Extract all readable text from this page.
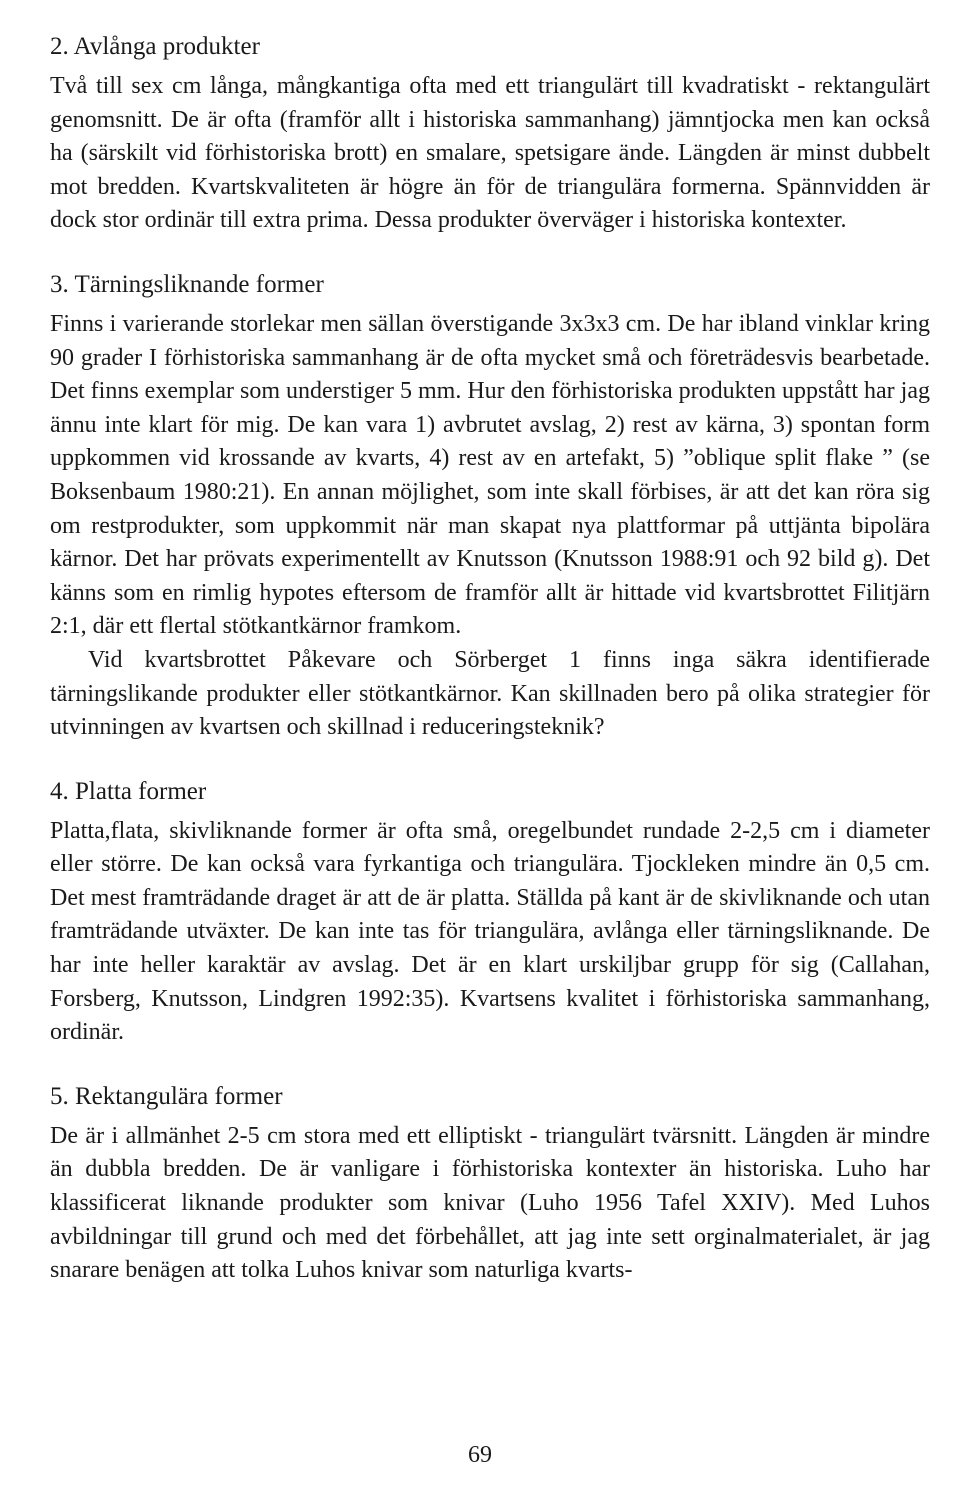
2. Avlånga produkter

Två till sex cm långa, mångkantiga ofta med ett triangulärt till kvadratiskt - rektangulärt genomsnitt. De är ofta (framför allt i historiska sammanhang) jämntjocka men kan också ha (särskilt vid förhistoriska brott) en smalare, spetsigare ände. Längden är minst dubbelt mot bredden. Kvartskvaliteten är högre än för de triangulära formerna. Spännvidden är dock stor ordinär till extra prima. Dessa produkter överväger i historiska kontexter.

3. Tärningsliknande former

Finns i varierande storlekar men sällan överstigande 3x3x3 cm. De har ibland vinklar kring 90 grader I förhistoriska sammanhang är de ofta mycket små och företrädesvis bearbetade. Det finns exemplar som understiger 5 mm. Hur den förhistoriska produkten uppstått har jag ännu inte klart för mig. De kan vara 1) avbrutet avslag, 2) rest av kärna, 3) spontan form uppkommen vid krossande av kvarts, 4) rest av en artefakt, 5) ”oblique split flake ” (se Boksenbaum 1980:21). En annan möjlighet, som inte skall förbises, är att det kan röra sig om restprodukter, som uppkommit när man skapat nya plattformar på uttjänta bipolära kärnor. Det har prövats experimentellt av Knutsson (Knutsson 1988:91 och 92 bild g). Det känns som en rimlig hypotes eftersom de framför allt är hittade vid kvartsbrottet Filitjärn 2:1, där ett flertal stötkantkärnor framkom.

Vid kvartsbrottet Påkevare och Sörberget 1 finns inga säkra identifierade tärningslikande produkter eller stötkantkärnor. Kan skillnaden bero på olika strategier för utvinningen av kvartsen och skillnad i reduceringsteknik?

4. Platta former

Platta,flata, skivliknande former är ofta små, oregelbundet rundade 2-2,5 cm i diameter eller större. De kan också vara fyrkantiga och triangulära. Tjockleken mindre än 0,5 cm. Det mest framträdande draget är att de är platta. Ställda på kant är de skivliknande och utan framträdande utväxter. De kan inte tas för triangulära, avlånga eller tärningsliknande. De har inte heller karaktär av avslag. Det är en klart urskiljbar grupp för sig (Callahan, Forsberg, Knutsson, Lindgren 1992:35). Kvartsens kvalitet i förhistoriska sammanhang, ordinär.

5. Rektangulära former

De är i allmänhet 2-5 cm stora med ett elliptiskt - triangulärt tvärsnitt. Längden är mindre än dubbla bredden. De är vanligare i förhistoriska kontexter än historiska. Luho har klassificerat liknande produkter som knivar (Luho 1956 Tafel XXIV). Med Luhos avbildningar till grund och med det förbehållet, att jag inte sett orginalmaterialet, är jag snarare benägen att tolka Luhos knivar som naturliga kvarts-

69
